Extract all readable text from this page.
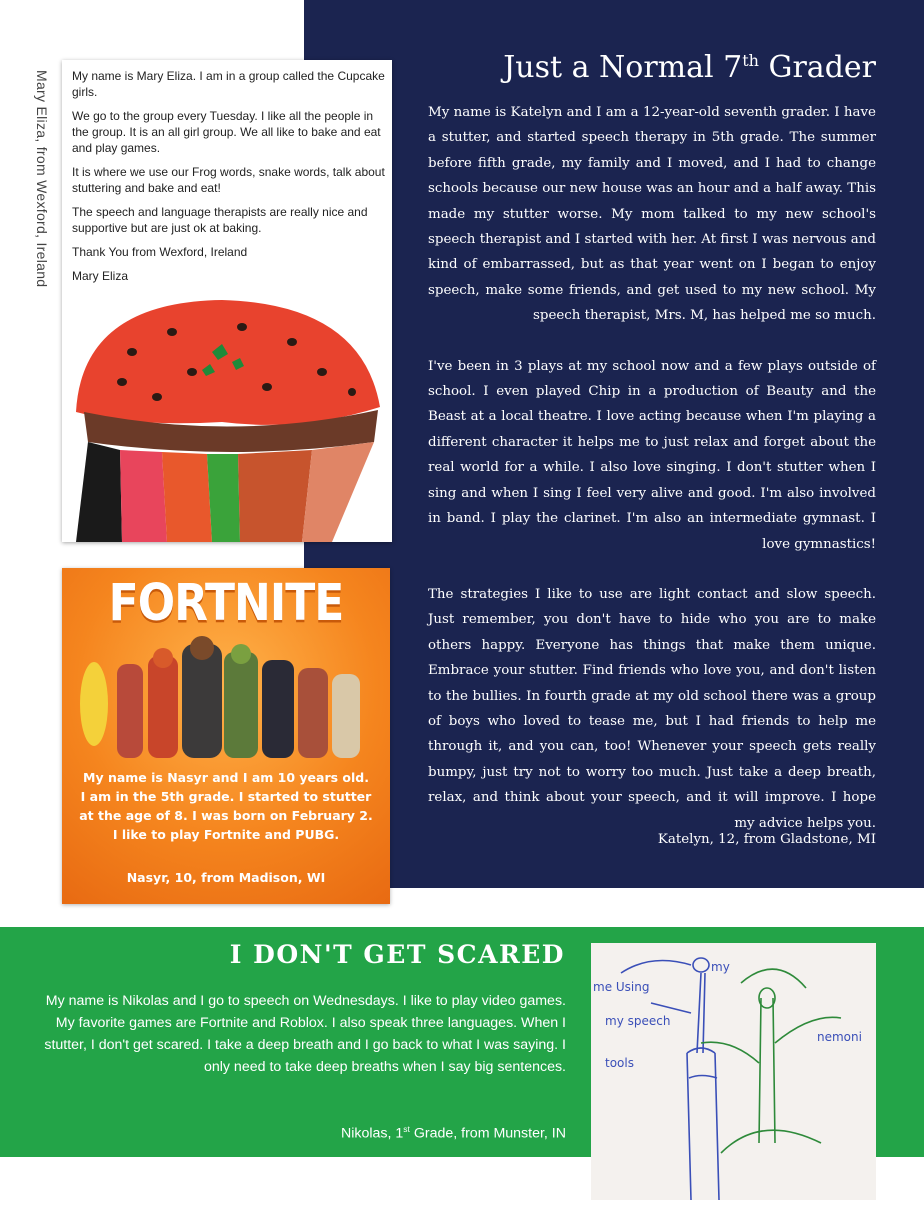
Mary Eliza, from Wexford, Ireland My name is Mary Eliza. I am in a group called the Cupcake girls.

We go to the group every Tuesday. I like all the people in the group. It is an all girl group. We all like to bake and eat and play games.

It is where we use our Frog words, snake words, talk about stuttering and bake and eat!

The speech and language therapists are really nice and supportive but are just ok at baking.

Thank You from Wexford, Ireland

Mary Eliza

FORTNITE
My name is Nasyr and I am 10 years old.
I am in the 5th grade. I started to stutter
at the age of 8. I was born on February 2.
I like to play Fortnite and PUBG.
Nasyr, 10, from Madison, WI
Just a Normal 7th Grader

My name is Katelyn and I am a 12-year-old seventh grader. I have a stutter, and started speech therapy in 5th grade. The summer before fifth grade, my family and I moved, and I had to change schools because our new house was an hour and a half away. This made my stutter worse. My mom talked to my new school's speech therapist and I started with her. At first I was nervous and kind of embarrassed, but as that year went on I began to enjoy speech, make some friends, and get used to my new school. My speech therapist, Mrs. M, has helped me so much.

I've been in 3 plays at my school now and a few plays outside of school. I even played Chip in a production of Beauty and the Beast at a local theatre. I love acting because when I'm playing a different character it helps me to just relax and forget about the real world for a while. I also love singing. I don't stutter when I sing and when I sing I feel very alive and good. I'm also involved in band. I play the clarinet. I'm also an intermediate gymnast. I love gymnastics!

The strategies I like to use are light contact and slow speech. Just remember, you don't have to hide who you are to make others happy. Everyone has things that make them unique. Embrace your stutter. Find friends who love you, and don't listen to the bullies. In fourth grade at my old school there was a group of boys who loved to tease me, but I had friends to help me through it, and you can, too! Whenever your speech gets really bumpy, just try not to worry too much. Just take a deep breath, relax, and think about your speech, and it will improve. I hope my advice helps you.

Katelyn, 12, from Gladstone, MI
I DON'T GET SCARED
My name is Nikolas and I go to speech on Wednesdays. I like to play video games. My favorite games are Fortnite and Roblox. I also speak three languages. When I stutter, I don't get scared. I take a deep breath and I go back to what I was saying. I only need to take deep breaths when I say big sentences.
Nikolas, 1st Grade, from Munster, IN
me Using
my speech
tools
my
nemoni
